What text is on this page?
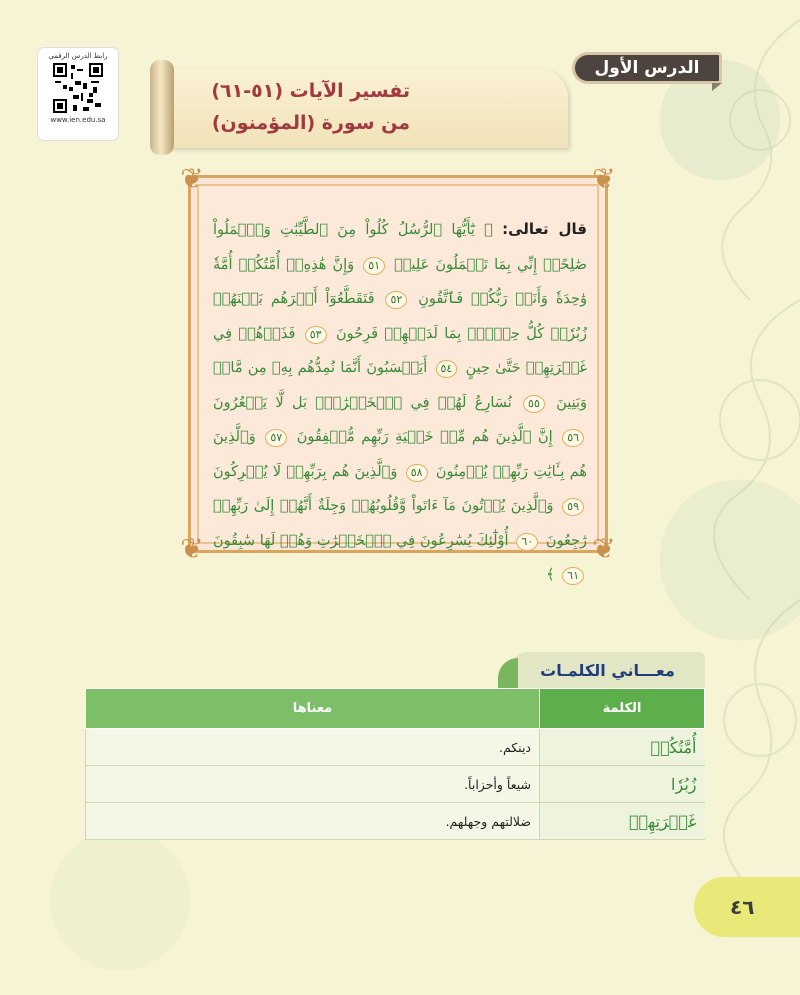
رابط الدرس الرقمي
www.ien.edu.sa
الدرس الأول
تفسير الآيات (٥١-٦١)
من سورة (المؤمنون)
❦	❦
❦	❦
قال تعالى: ﴿ يَٰٓأَيُّهَا ٱلرُّسُلُ كُلُواْ مِنَ ٱلطَّيِّبَٰتِ وَٱعۡمَلُواْ صَٰلِحًاۖ إِنِّي بِمَا تَعۡمَلُونَ عَلِيمٞ ٥١ وَإِنَّ هَٰذِهِۦٓ أُمَّتُكُمۡ أُمَّةٗ وَٰحِدَةٗ وَأَنَا۠ رَبُّكُمۡ فَٱتَّقُونِ ٥٢ فَتَقَطَّعُوٓاْ أَمۡرَهُم بَيۡنَهُمۡ زُبُرٗاۖ كُلُّ حِزۡبِۭ بِمَا لَدَيۡهِمۡ فَرِحُونَ ٥٣ فَذَرۡهُمۡ فِي غَمۡرَتِهِمۡ حَتَّىٰ حِينٍ ٥٤ أَيَحۡسَبُونَ أَنَّمَا نُمِدُّهُم بِهِۦ مِن مَّالٖ وَبَنِينَ ٥٥ نُسَارِعُ لَهُمۡ فِي ٱلۡخَيۡرَٰتِۚ بَل لَّا يَشۡعُرُونَ ٥٦ إِنَّ ٱلَّذِينَ هُم مِّنۡ خَشۡيَةِ رَبِّهِم مُّشۡفِقُونَ ٥٧ وَٱلَّذِينَ هُم بِـَٔايَٰتِ رَبِّهِمۡ يُؤۡمِنُونَ ٥٨ وَٱلَّذِينَ هُم بِرَبِّهِمۡ لَا يُشۡرِكُونَ ٥٩ وَٱلَّذِينَ يُؤۡتُونَ مَآ ءَاتَواْ وَّقُلُوبُهُمۡ وَجِلَةٌ أَنَّهُمۡ إِلَىٰ رَبِّهِمۡ رَٰجِعُونَ ٦٠ أُوْلَٰٓئِكَ يُسَٰرِعُونَ فِي ٱلۡخَيۡرَٰتِ وَهُمۡ لَهَا سَٰبِقُونَ ٦١ ﴾
معـــاني الكلمـات
الكلمة	معناها
أُمَّتُكُمۡ	دينكم.
زُبُرٗا	شيعاً وأحزاباً.
غَمۡرَتِهِمۡ	ضلالتهم وجهلهم.
٤٦
